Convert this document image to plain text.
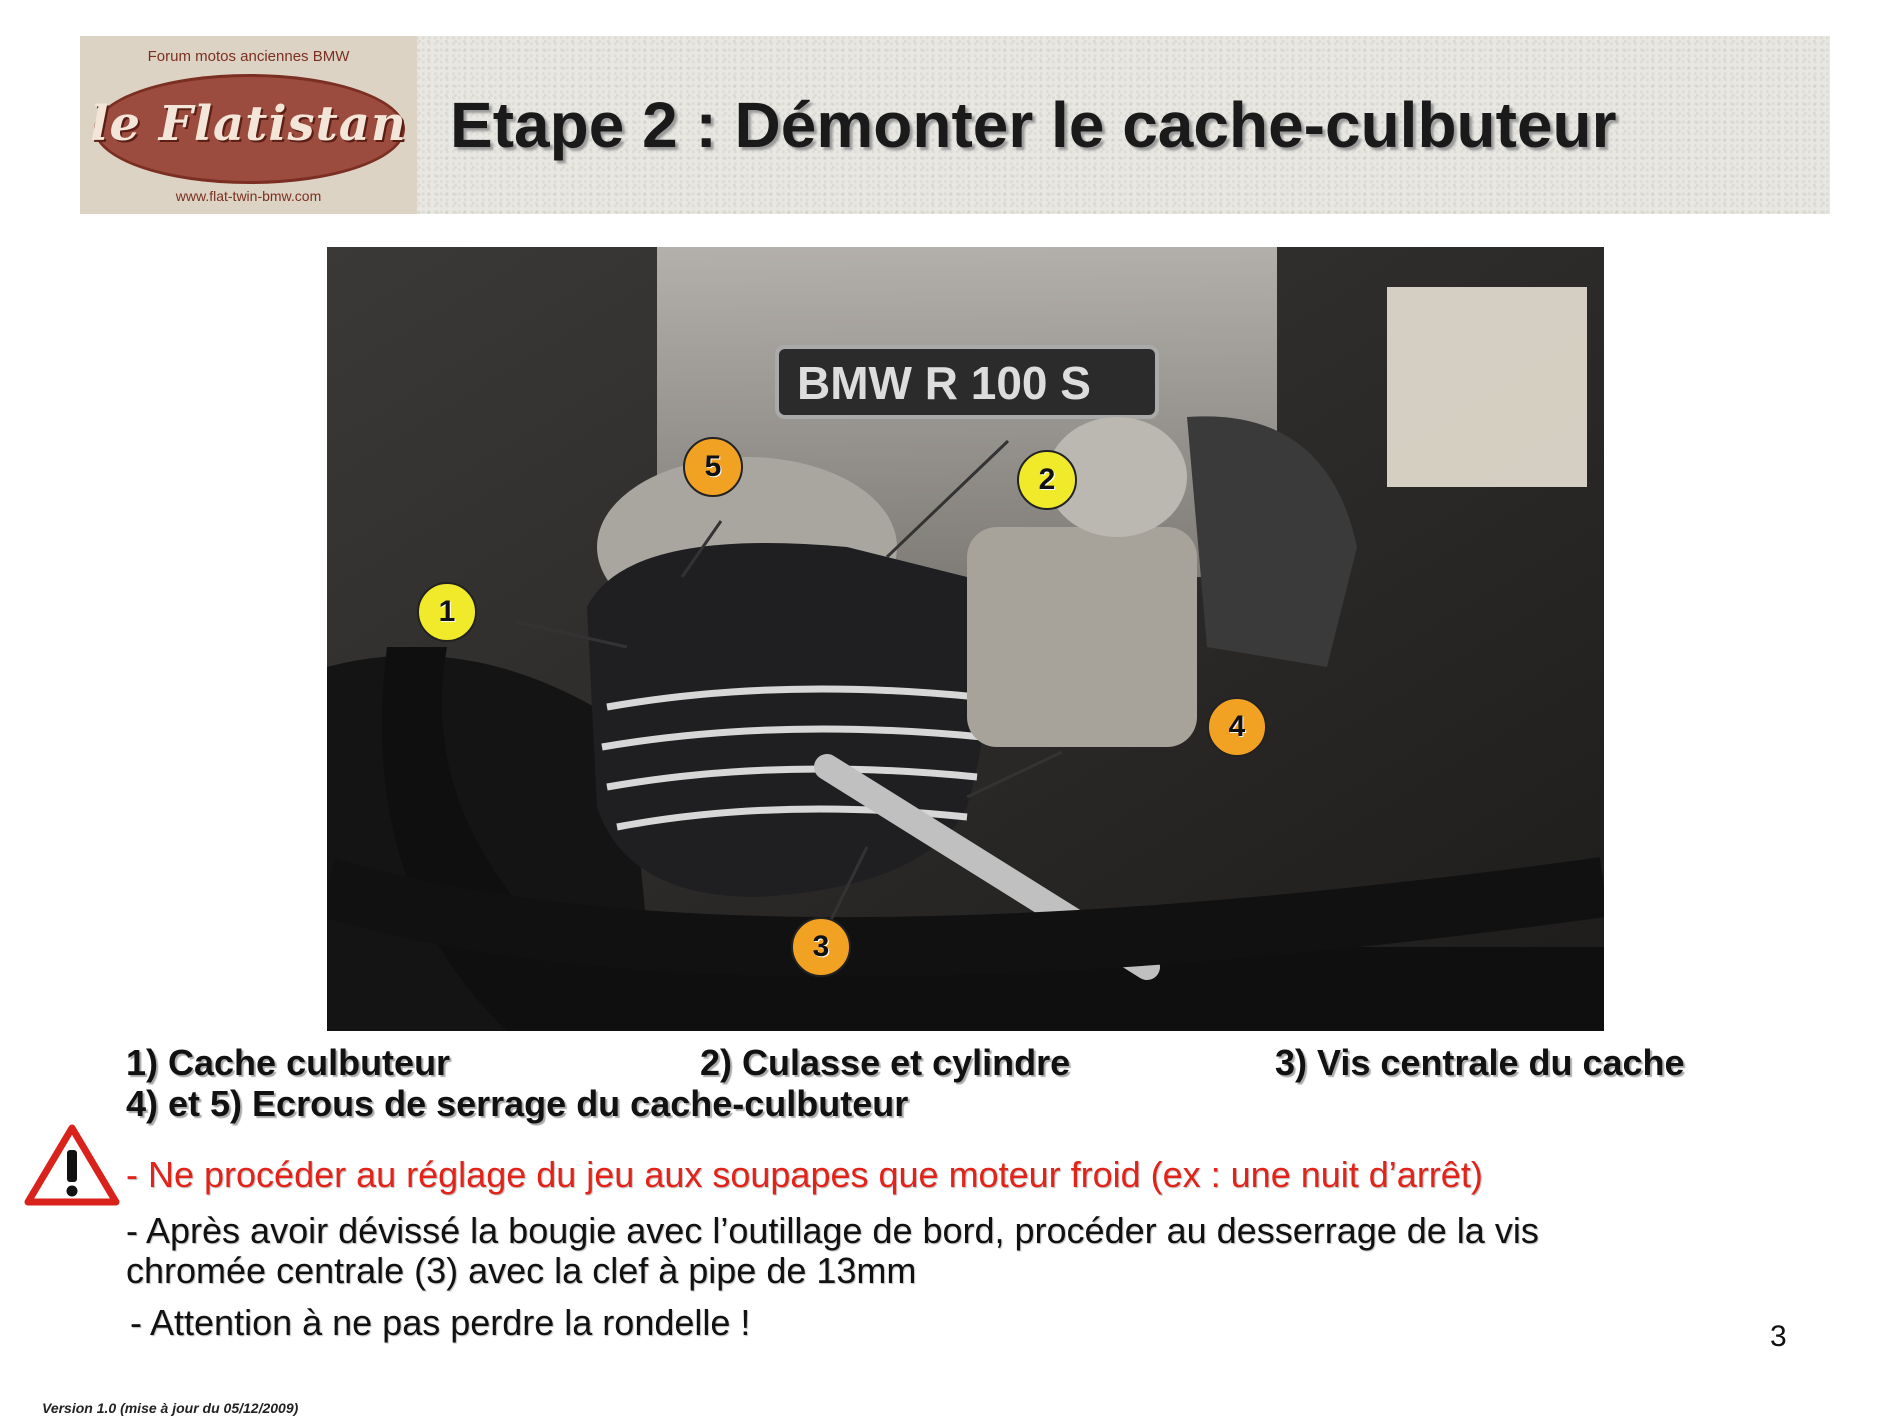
Forum motos anciennes BMW
le Flatistan
www.flat-twin-bmw.com
Etape 2 : Démonter le cache-culbuteur
BMW R 100 S
1
2
3
4
5
1) Cache culbuteur	2) Culasse et cylindre	3) Vis centrale du cache
4) et 5) Ecrous de serrage du cache-culbuteur
- Ne procéder au réglage du jeu aux soupapes que moteur froid (ex : une nuit d’arrêt)
- Après avoir dévissé la bougie avec l’outillage de bord, procéder au desserrage de la vis
chromée centrale (3) avec la clef à pipe de 13mm
- Attention à ne pas perdre la rondelle !	3
Version 1.0 (mise à jour du 05/12/2009)
